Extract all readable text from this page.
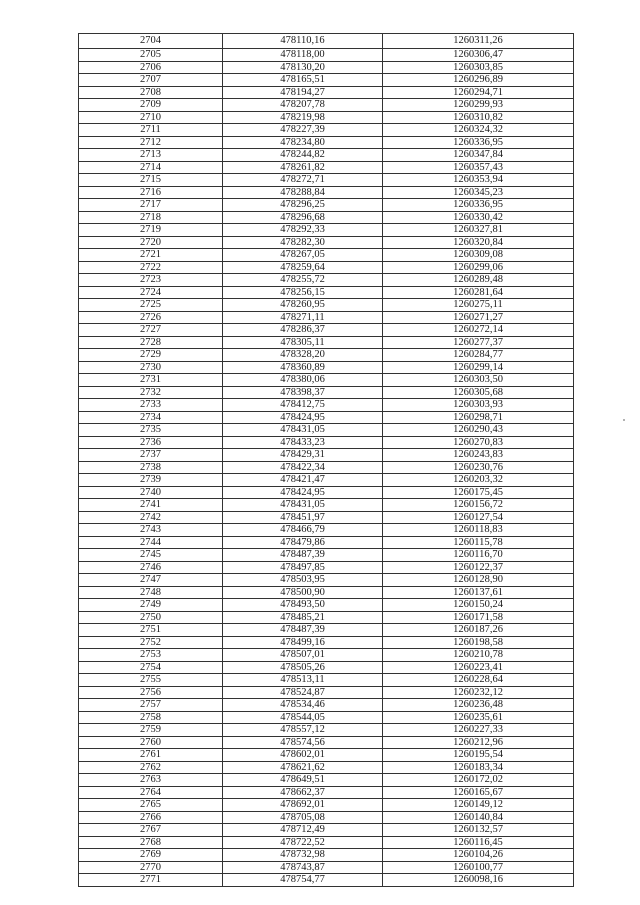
2704	478110,16	1260311,26
2705	478118,00	1260306,47
2706	478130,20	1260303,85
2707	478165,51	1260296,89
2708	478194,27	1260294,71
2709	478207,78	1260299,93
2710	478219,98	1260310,82
2711	478227,39	1260324,32
2712	478234,80	1260336,95
2713	478244,82	1260347,84
2714	478261,82	1260357,43
2715	478272,71	1260353,94
2716	478288,84	1260345,23
2717	478296,25	1260336,95
2718	478296,68	1260330,42
2719	478292,33	1260327,81
2720	478282,30	1260320,84
2721	478267,05	1260309,08
2722	478259,64	1260299,06
2723	478255,72	1260289,48
2724	478256,15	1260281,64
2725	478260,95	1260275,11
2726	478271,11	1260271,27
2727	478286,37	1260272,14
2728	478305,11	1260277,37
2729	478328,20	1260284,77
2730	478360,89	1260299,14
2731	478380,06	1260303,50
2732	478398,37	1260305,68
2733	478412,75	1260303,93
2734	478424,95	1260298,71
2735	478431,05	1260290,43
2736	478433,23	1260270,83
2737	478429,31	1260243,83
2738	478422,34	1260230,76
2739	478421,47	1260203,32
2740	478424,95	1260175,45
2741	478431,05	1260156,72
2742	478451,97	1260127,54
2743	478466,79	1260118,83
2744	478479,86	1260115,78
2745	478487,39	1260116,70
2746	478497,85	1260122,37
2747	478503,95	1260128,90
2748	478500,90	1260137,61
2749	478493,50	1260150,24
2750	478485,21	1260171,58
2751	478487,39	1260187,26
2752	478499,16	1260198,58
2753	478507,01	1260210,78
2754	478505,26	1260223,41
2755	478513,11	1260228,64
2756	478524,87	1260232,12
2757	478534,46	1260236,48
2758	478544,05	1260235,61
2759	478557,12	1260227,33
2760	478574,56	1260212,96
2761	478602,01	1260195,54
2762	478621,62	1260183,34
2763	478649,51	1260172,02
2764	478662,37	1260165,67
2765	478692,01	1260149,12
2766	478705,08	1260140,84
2767	478712,49	1260132,57
2768	478722,52	1260116,45
2769	478732,98	1260104,26
2770	478743,87	1260100,77
2771	478754,77	1260098,16
